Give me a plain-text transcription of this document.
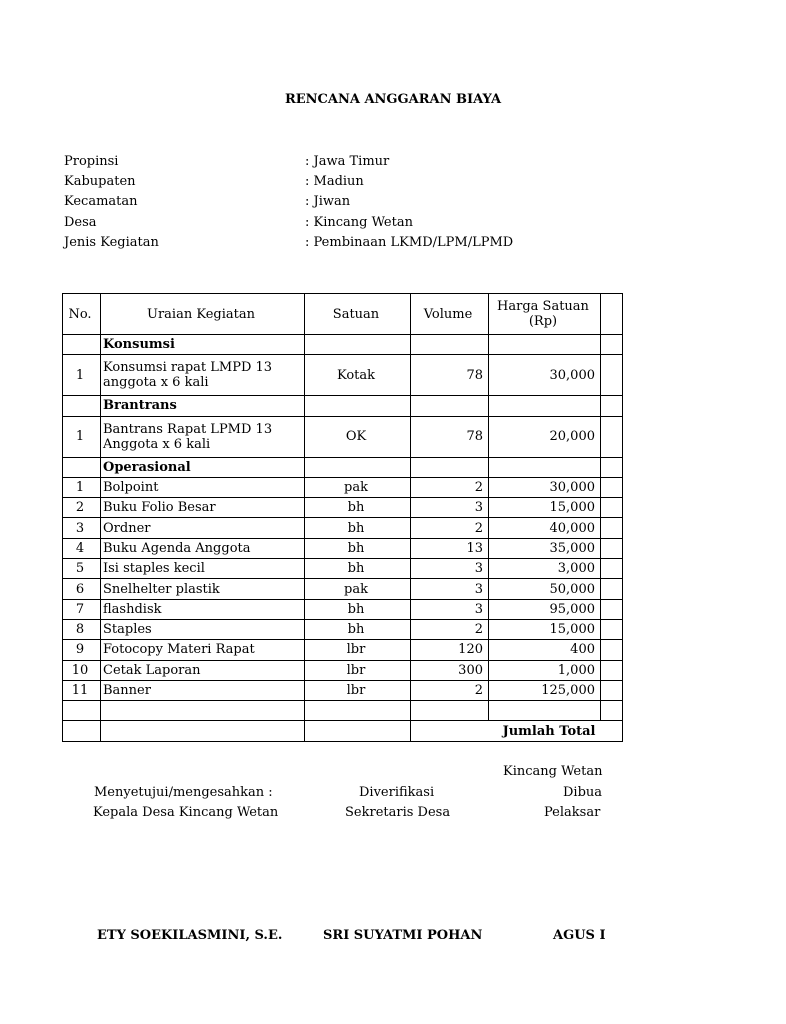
RENCANA ANGGARAN BIAYA
Propinsi	: Jawa Timur
Kabupaten	: Madiun
Kecamatan	: Jiwan
Desa	: Kincang Wetan
Jenis Kegiatan	: Pembinaan LKMD/LPM/LPMD
No.	Uraian Kegiatan	Satuan	Volume	Harga Satuan (Rp)	
	Konsumsi				
1	Konsumsi rapat LMPD 13 anggota x 6 kali	Kotak	78	30,000	
	Brantrans				
1	Bantrans Rapat LPMD 13 Anggota x 6 kali	OK	78	20,000	
	Operasional				
1	Bolpoint	pak	2	30,000	
2	Buku Folio Besar	bh	3	15,000	
3	Ordner	bh	2	40,000	
4	Buku Agenda Anggota	bh	13	35,000	
5	Isi staples kecil	bh	3	3,000	
6	Snelhelter plastik	pak	3	50,000	
7	flashdisk	bh	3	95,000	
8	Staples	bh	2	15,000	
9	Fotocopy Materi Rapat	lbr	120	400	
10	Cetak Laporan	lbr	300	1,000	
11	Banner	lbr	2	125,000	

			Jumlah Total		
Kincang Wetan
Menyetujui/mengesahkan :	Diverifikasi	Dibua
Kepala Desa Kincang Wetan	Sekretaris Desa	Pelaksar
ETY SOEKILASMINI, S.E.	SRI SUYATMI POHAN	AGUS I
